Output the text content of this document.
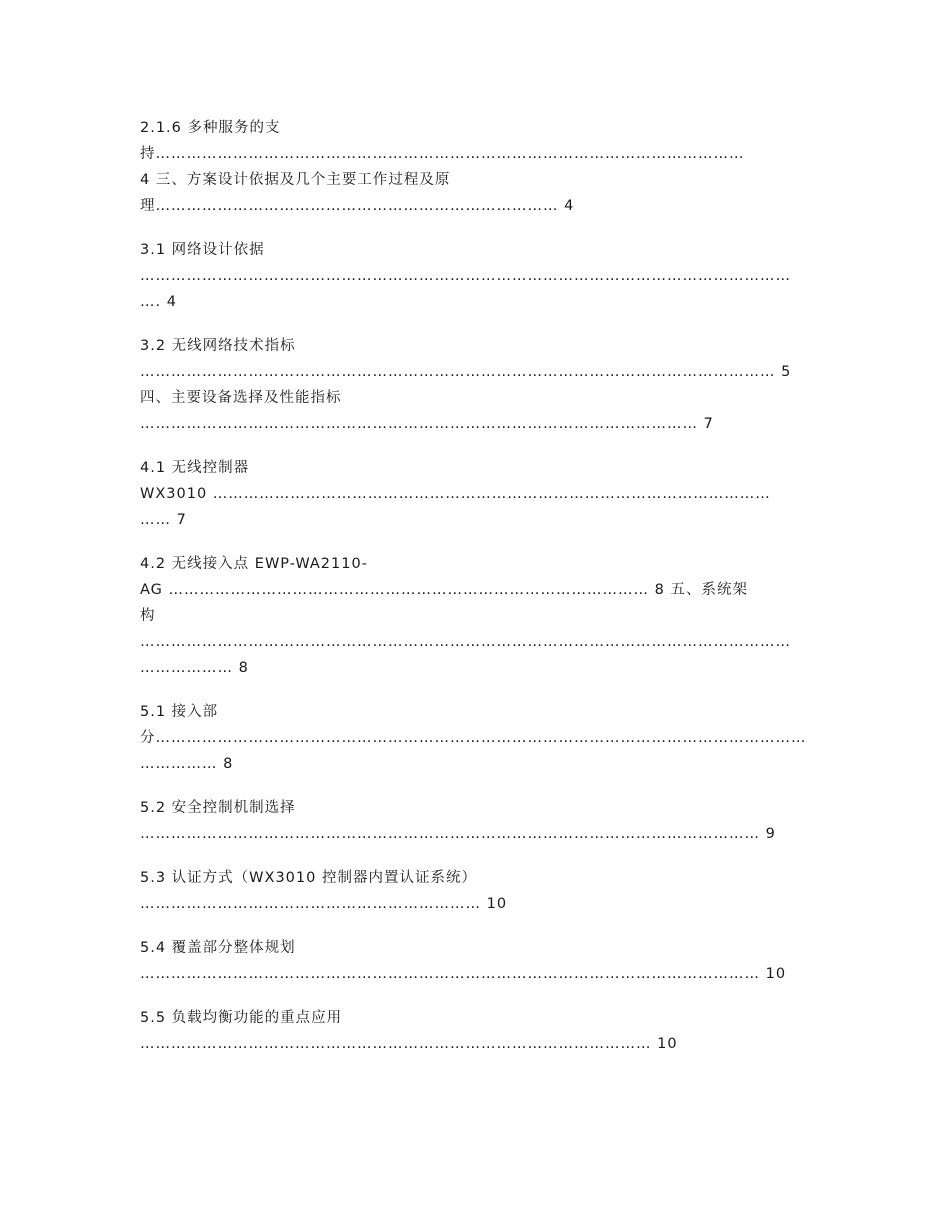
2.1.6 多种服务的支
持……………………………………………………………………………………………………
4 三、方案设计依据及几个主要工作过程及原
理…………………………………………………………………… 4
3.1 网络设计依据
………………………………………………………………………………………………………………
…. 4
3.2 无线网络技术指标
…………………………………………………………………………………………………………… 5
四、主要设备选择及性能指标
……………………………………………………………………………………………… 7
4.1 无线控制器
WX3010 ………………………………………………………………………………………………
…… 7
4.2 无线接入点 EWP-WA2110-
AG ………………………………………………………………………………… 8 五、系统架
构
………………………………………………………………………………………………………………
……………… 8
5.1 接入部
分………………………………………………………………………………………………………………
…………… 8
5.2 安全控制机制选择
………………………………………………………………………………………………………… 9
5.3 认证方式（WX3010 控制器内置认证系统）
………………………………………………………… 10
5.4 覆盖部分整体规划
………………………………………………………………………………………………………… 10
5.5 负载均衡功能的重点应用
……………………………………………………………………………………… 10
